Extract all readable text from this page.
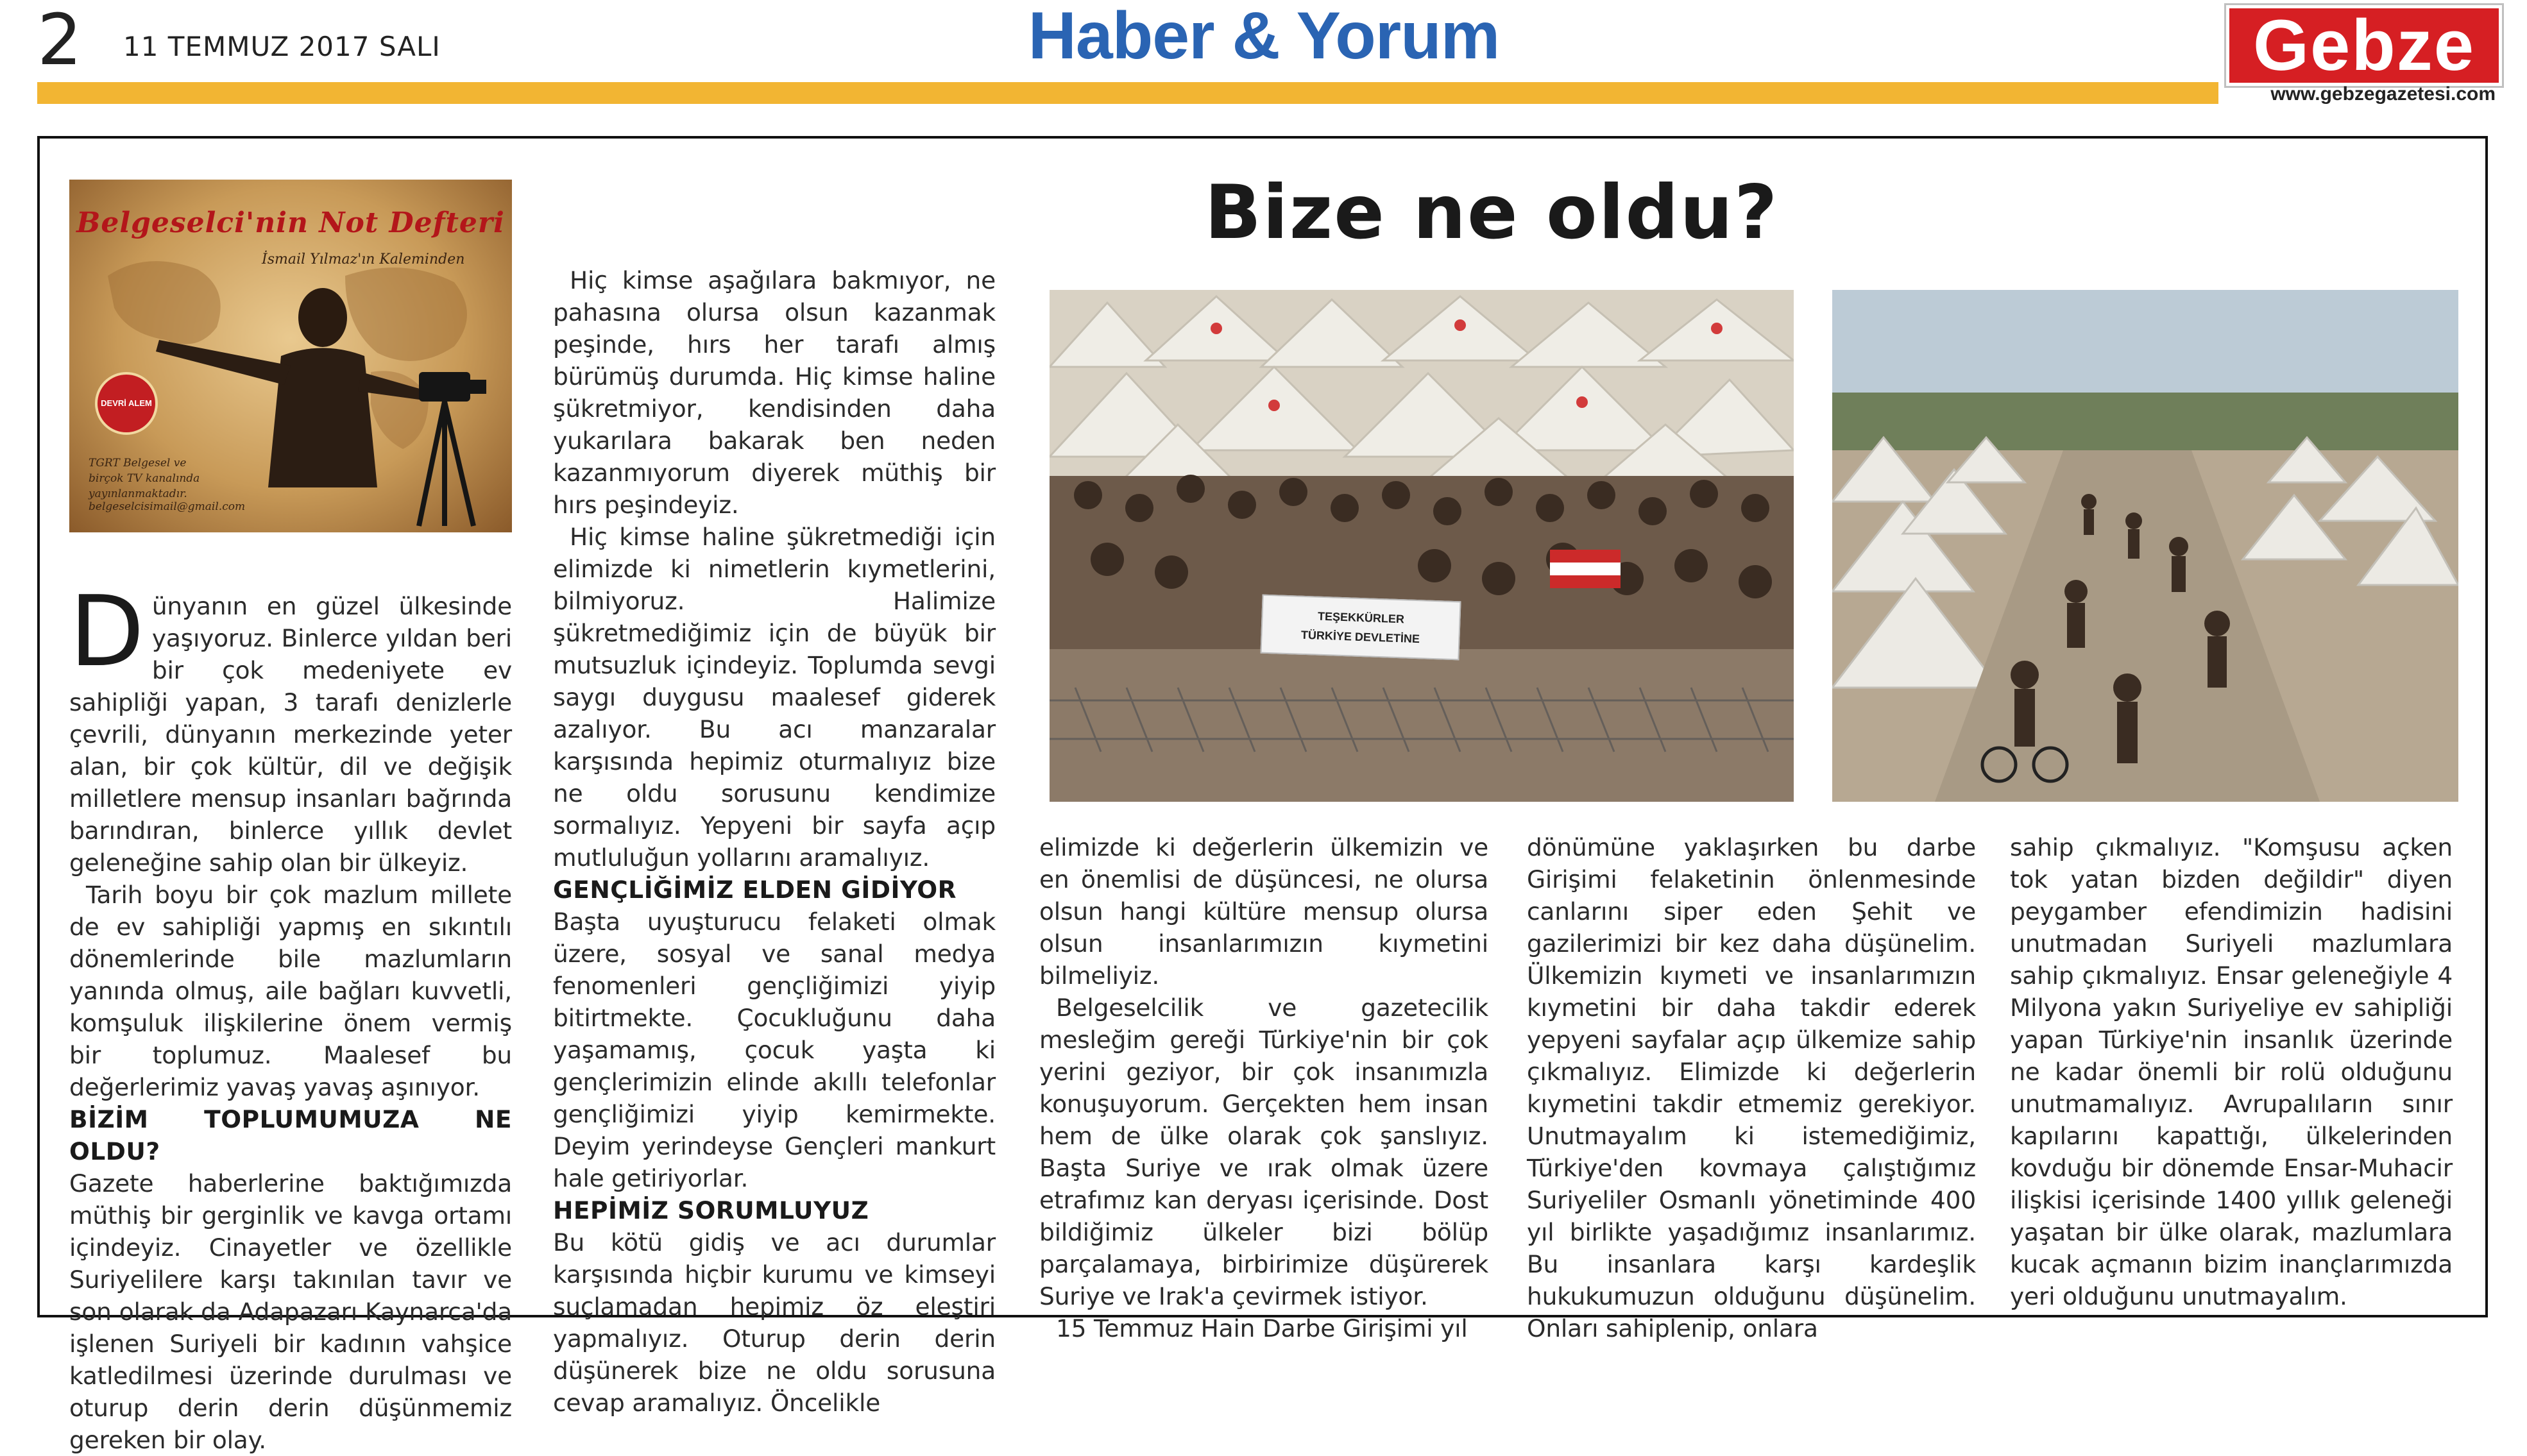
2 11 TEMMUZ 2017 SALI	Haber & Yorum	Gebze
www.gebzegazetesi.com
Belgeselci'nin Not Defteri
İsmail Yılmaz'ın Kaleminden
DEVRİ ALEM
TGRT Belgesel ve birçok TV kanalında yayınlanmaktadır.
belgeselcisimail@gmail.com
Bize ne oldu?
TEŞEKKÜRLER
TÜRKİYE DEVLETİNE

Dünyanın en güzel ülkesinde yaşıyoruz. Binlerce yıldan beri bir çok medeniyete ev sahipliği yapan, 3 tarafı denizlerle çevrili, dünyanın merkezinde yeter alan, bir çok kültür, dil ve değişik milletlere mensup insanları bağrında barındıran, binlerce yıllık devlet geleneğine sahip olan bir ülkeyiz.

Tarih boyu bir çok mazlum millete de ev sahipliği yapmış en sıkıntılı dönemlerinde bile mazlumların yanında olmuş, aile bağları kuvvetli, komşuluk ilişkilerine önem vermiş bir toplumuz. Maalesef bu değerlerimiz yavaş yavaş aşınıyor.

BİZİM TOPLUMUMUZA NE OLDU?

Gazete haberlerine baktığımızda müthiş bir gerginlik ve kavga ortamı içindeyiz. Cinayetler ve özellikle Suriyelilere karşı takınılan tavır ve son olarak da Adapazarı Kaynarca'da işlenen Suriyeli bir kadının vahşice katledilmesi üzerinde durulması ve oturup derin derin düşünmemiz gereken bir olay.

Hiç kimse aşağılara bakmıyor, ne pahasına olursa olsun kazanmak peşinde, hırs her tarafı almış bürümüş durumda. Hiç kimse haline şükretmiyor, kendisinden daha yukarılara bakarak ben neden kazanmıyorum diyerek müthiş bir hırs peşindeyiz.

Hiç kimse haline şükretmediği için elimizde ki nimetlerin kıymetlerini, bilmiyoruz. Halimize şükretmediğimiz için de büyük bir mutsuzluk içindeyiz. Toplumda sevgi saygı duygusu maalesef giderek azalıyor. Bu acı manzaralar karşısında hepimiz oturmalıyız bize ne oldu sorusunu kendimize sormalıyız. Yepyeni bir sayfa açıp mutluluğun yollarını aramalıyız.

GENÇLİĞİMİZ ELDEN GİDİYOR

Başta uyuşturucu felaketi olmak üzere, sosyal ve sanal medya fenomenleri gençliğimizi yiyip bitirtmekte. Çocukluğunu daha yaşamamış, çocuk yaşta ki gençlerimizin elinde akıllı telefonlar gençliğimizi yiyip kemirmekte. Deyim yerindeyse Gençleri mankurt hale getiriyorlar.

HEPİMİZ SORUMLUYUZ

Bu kötü gidiş ve acı durumlar karşısında hiçbir kurumu ve kimseyi suçlamadan hepimiz öz eleştiri yapmalıyız. Oturup derin derin düşünerek bize ne oldu sorusuna cevap aramalıyız. Öncelikle

elimizde ki değerlerin ülkemizin ve en önemlisi de düşüncesi, ne olursa olsun hangi kültüre mensup olursa olsun insanlarımızın kıymetini bilmeliyiz.

Belgeselcilik ve gazetecilik mesleğim gereği Türkiye'nin bir çok yerini geziyor, bir çok insanımızla konuşuyorum. Gerçekten hem insan hem de ülke olarak çok şanslıyız. Başta Suriye ve ırak olmak üzere etrafımız kan deryası içerisinde. Dost bildiğimiz ülkeler bizi bölüp parçalamaya, birbirimize düşürerek Suriye ve Irak'a çevirmek istiyor.

15 Temmuz Hain Darbe Girişimi yıl

dönümüne yaklaşırken bu darbe Girişimi felaketinin önlenmesinde canlarını siper eden Şehit ve gazilerimizi bir kez daha düşünelim. Ülkemizin kıymeti ve insanlarımızın kıymetini bir daha takdir ederek yepyeni sayfalar açıp ülkemize sahip çıkmalıyız. Elimizde ki değerlerin kıymetini takdir etmemiz gerekiyor. Unutmayalım ki istemediğimiz, Türkiye'den kovmaya çalıştığımız Suriyeliler Osmanlı yönetiminde 400 yıl birlikte yaşadığımız insanlarımız. Bu insanlara karşı kardeşlik hukukumuzun olduğunu düşünelim. Onları sahiplenip, onlara

sahip çıkmalıyız. "Komşusu açken tok yatan bizden değildir" diyen peygamber efendimizin hadisini unutmadan Suriyeli mazlumlara sahip çıkmalıyız. Ensar geleneğiyle 4 Milyona yakın Suriyeliye ev sahipliği yapan Türkiye'nin insanlık üzerinde ne kadar önemli bir rolü olduğunu unutmamalıyız. Avrupalıların sınır kapılarını kapattığı, ülkelerinden kovduğu bir dönemde Ensar-Muhacir ilişkisi içerisinde 1400 yıllık geleneği yaşatan bir ülke olarak, mazlumlara kucak açmanın bizim inançlarımızda yeri olduğunu unutmayalım.
